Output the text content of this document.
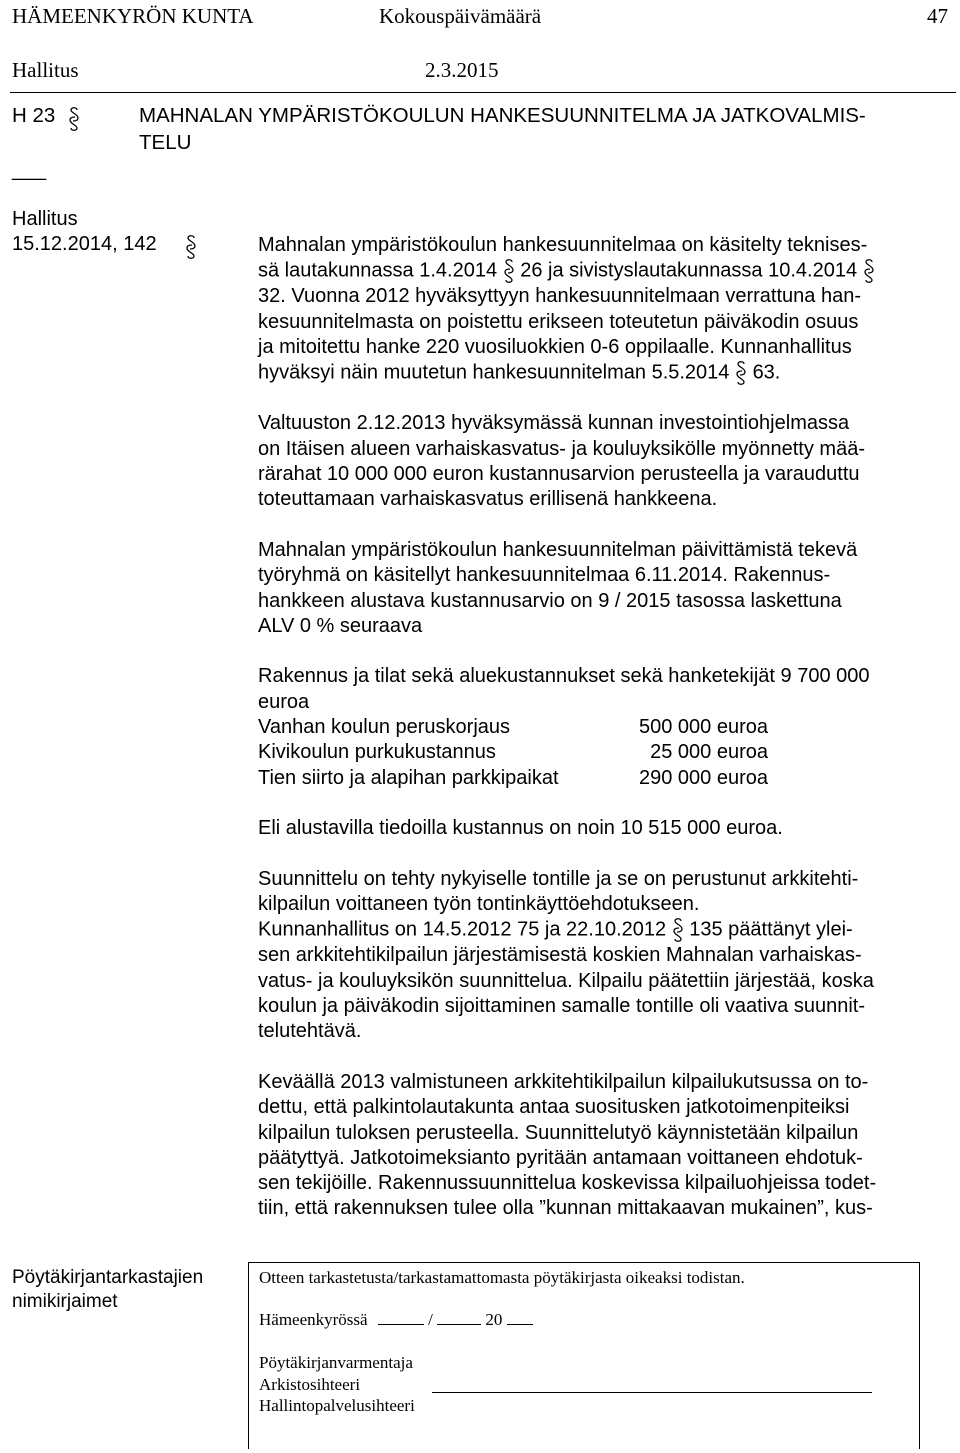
HÄMEENKYRÖN KUNTA	Kokouspäivämäärä	47
Hallitus	2.3.2015
H 23	MAHNALAN YMPÄRISTÖKOULUN HANKESUUNNITELMA JA JATKOVALMIS-
TELU
___
Hallitus
15.12.2014, 142	Mahnalan ympäristökoulun hankesuunnitelmaa on käsitelty teknises-

sä lautakunnassa 1.4.2014 26 ja sivistyslautakunnassa 10.4.2014

32. Vuonna 2012 hyväksyttyyn hankesuunnitelmaan verrattuna han-

kesuunnitelmasta on poistettu erikseen toteutetun päiväkodin osuus

ja mitoitettu hanke 220 vuosiluokkien 0-6 oppilaalle. Kunnanhallitus

hyväksyi näin muutetun hankesuunnitelman 5.5.2014 63.

Valtuuston 2.12.2013 hyväksymässä kunnan investointiohjelmassa

on Itäisen alueen varhaiskasvatus- ja kouluyksikölle myönnetty mää-

rärahat 10 000 000 euron kustannusarvion perusteella ja varauduttu

toteuttamaan varhaiskasvatus erillisenä hankkeena.

Mahnalan ympäristökoulun hankesuunnitelman päivittämistä tekevä

työryhmä on käsitellyt hankesuunnitelmaa 6.11.2014. Rakennus-

hankkeen alustava kustannusarvio on 9 / 2015 tasossa laskettuna

ALV 0 % seuraava

Rakennus ja tilat sekä aluekustannukset sekä hanketekijät 9 700 000

euroa

Vanhan koulun peruskorjaus	500 000 euroa
Kivikoulun purkukustannus	25 000 euroa
Tien siirto ja alapihan parkkipaikat	290 000 euroa

Eli alustavilla tiedoilla kustannus on noin 10 515 000 euroa.

Suunnittelu on tehty nykyiselle tontille ja se on perustunut arkkitehti-

kilpailun voittaneen työn tontinkäyttöehdotukseen.

Kunnanhallitus on 14.5.2012 75 ja 22.10.2012 135 päättänyt ylei-

sen arkkitehtikilpailun järjestämisestä koskien Mahnalan varhaiskas-

vatus- ja kouluyksikön suunnittelua. Kilpailu päätettiin järjestää, koska

koulun ja päiväkodin sijoittaminen samalle tontille oli vaativa suunnit-

telutehtävä.

Keväällä 2013 valmistuneen arkkitehtikilpailun kilpailukutsussa on to-

dettu, että palkintolautakunta antaa suositusken jatkotoimenpiteiksi

kilpailun tuloksen perusteella. Suunnittelutyö käynnistetään kilpailun

päätyttyä. Jatkotoimeksianto pyritään antamaan voittaneen ehdotuk-

sen tekijöille. Rakennussuunnittelua koskevissa kilpailuohjeissa todet-

tiin, että rakennuksen tulee olla ”kunnan mittakaavan mukainen”, kus-

Pöytäkirjantarkastajien
nimikirjaimet
Otteen tarkastetusta/tarkastamattomasta pöytäkirjasta oikeaksi todistan.
Hämeenkyrössä	/	20
Pöytäkirjanvarmentaja
Arkistosihteeri
Hallintopalvelusihteeri
